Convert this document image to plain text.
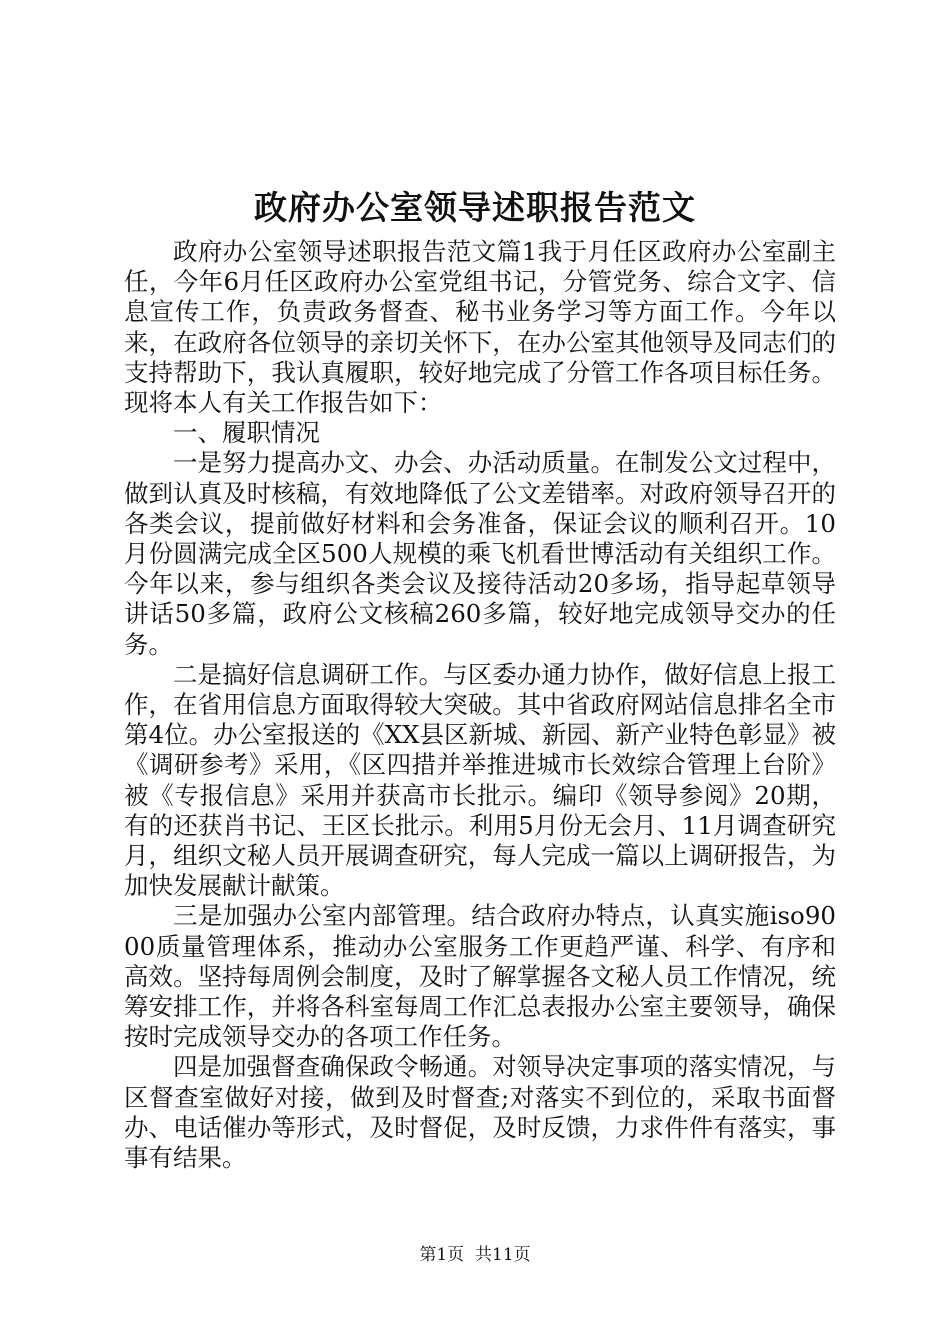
政府办公室领导述职报告范文

政府办公室领导述职报告范文篇1我于月任区政府办公室副主任，今年6月任区政府办公室党组书记，分管党务、综合文字、信息宣传工作，负责政务督查、秘书业务学习等方面工作。今年以来，在政府各位领导的亲切关怀下，在办公室其他领导及同志们的支持帮助下，我认真履职，较好地完成了分管工作各项目标任务。现将本人有关工作报告如下：

一、履职情况

一是努力提高办文、办会、办活动质量。在制发公文过程中，做到认真及时核稿，有效地降低了公文差错率。对政府领导召开的各类会议，提前做好材料和会务准备，保证会议的顺利召开。10月份圆满完成全区500人规模的乘飞机看世博活动有关组织工作。今年以来，参与组织各类会议及接待活动20多场，指导起草领导讲话50多篇，政府公文核稿260多篇，较好地完成领导交办的任务。

二是搞好信息调研工作。与区委办通力协作，做好信息上报工作，在省用信息方面取得较大突破。其中省政府网站信息排名全市第4位。办公室报送的《XX县区新城、新园、新产业特色彰显》被《调研参考》采用，《区四措并举推进城市长效综合管理上台阶》被《专报信息》采用并获高市长批示。编印《领导参阅》20期，有的还获肖书记、王区长批示。利用5月份无会月、11月调查研究月，组织文秘人员开展调查研究，每人完成一篇以上调研报告，为加快发展献计献策。

三是加强办公室内部管理。结合政府办特点，认真实施iso9000质量管理体系，推动办公室服务工作更趋严谨、科学、有序和高效。坚持每周例会制度，及时了解掌握各文秘人员工作情况，统筹安排工作，并将各科室每周工作汇总表报办公室主要领导，确保按时完成领导交办的各项工作任务。

四是加强督查确保政令畅通。对领导决定事项的落实情况，与区督查室做好对接，做到及时督查;对落实不到位的，采取书面督办、电话催办等形式，及时督促，及时反馈，力求件件有落实，事事有结果。

第1页 共11页
